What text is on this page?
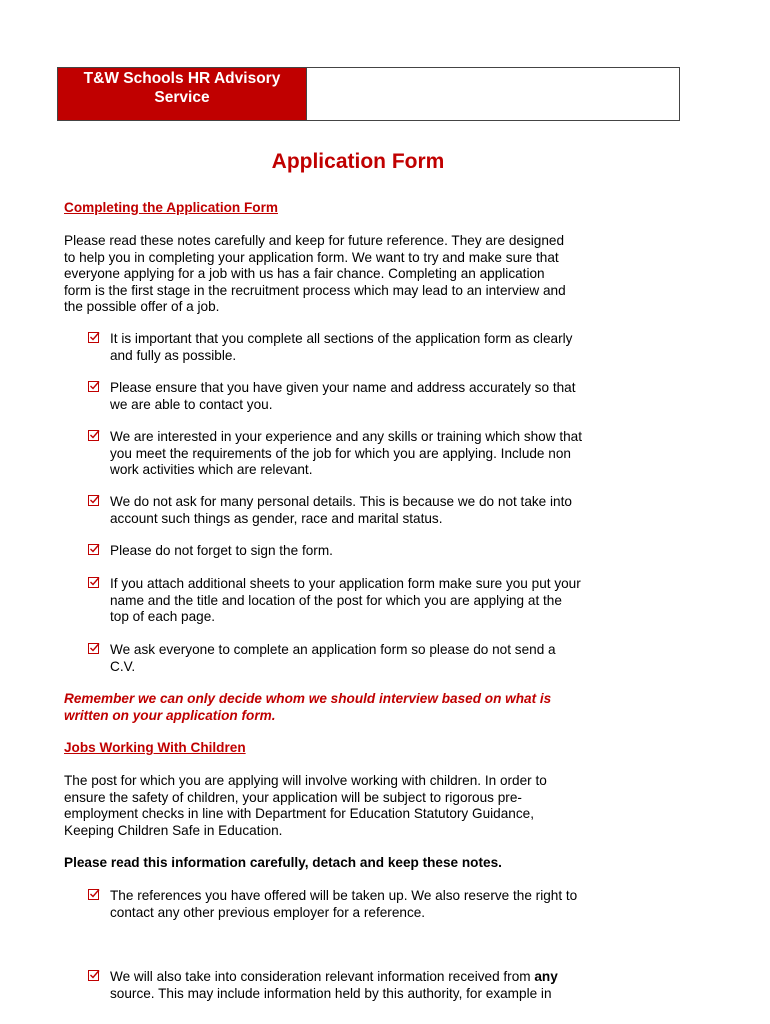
T&W Schools HR Advisory
Service
Application Form
Completing the Application Form
Please read these notes carefully and keep for future reference. They are designed
to help you in completing your application form. We want to try and make sure that
everyone applying for a job with us has a fair chance. Completing an application
form is the first stage in the recruitment process which may lead to an interview and
the possible offer of a job.
It is important that you complete all sections of the application form as clearly
and fully as possible.
Please ensure that you have given your name and address accurately so that
we are able to contact you.
We are interested in your experience and any skills or training which show that
you meet the requirements of the job for which you are applying. Include non
work activities which are relevant.
We do not ask for many personal details. This is because we do not take into
account such things as gender, race and marital status.
Please do not forget to sign the form.
If you attach additional sheets to your application form make sure you put your
name and the title and location of the post for which you are applying at the
top of each page.
We ask everyone to complete an application form so please do not send a
C.V.
Remember we can only decide whom we should interview based on what is
written on your application form.
Jobs Working With Children
The post for which you are applying will involve working with children. In order to
ensure the safety of children, your application will be subject to rigorous pre-
employment checks in line with Department for Education Statutory Guidance,
Keeping Children Safe in Education.
Please read this information carefully, detach and keep these notes.
The references you have offered will be taken up. We also reserve the right to
contact any other previous employer for a reference.
We will also take into consideration relevant information received from any
source. This may include information held by this authority, for example in
